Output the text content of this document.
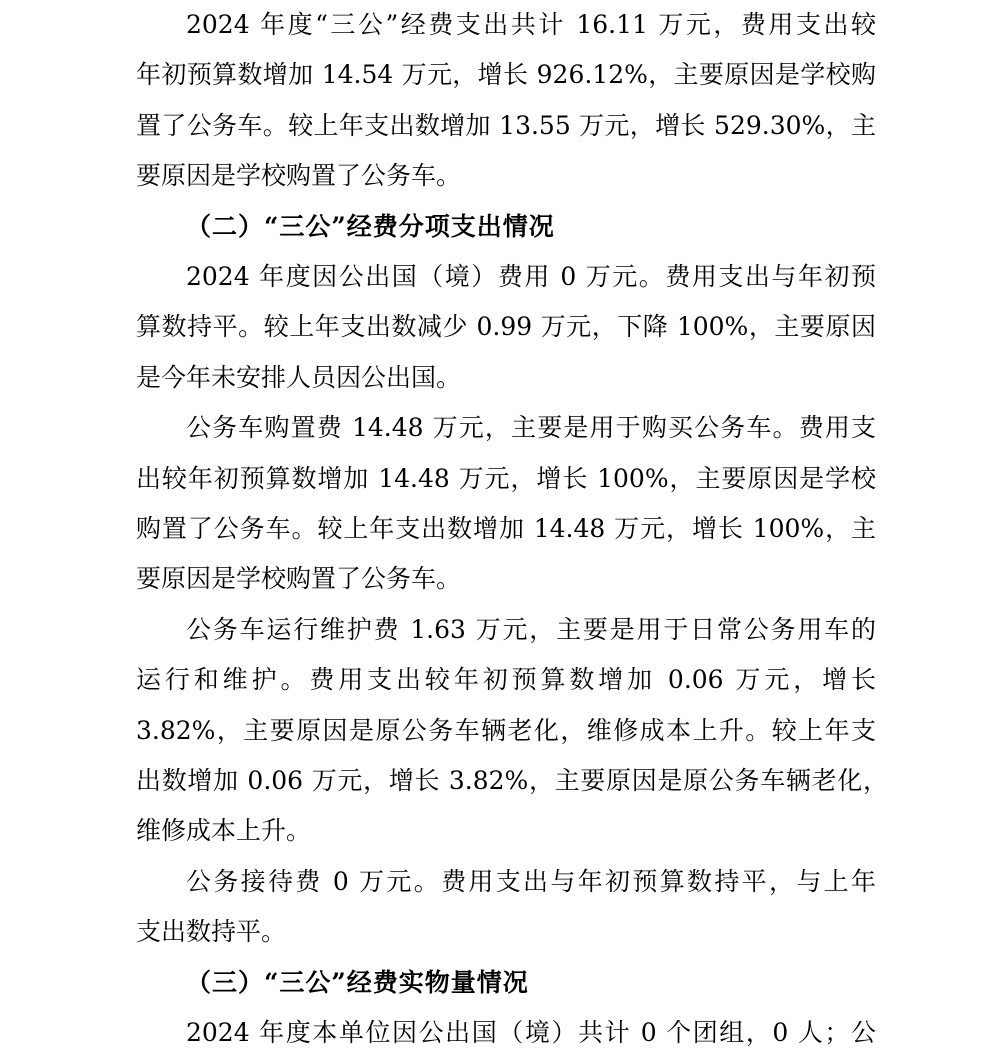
2024 年度“三公”经费支出共计 16.11 万元，费用支出较
年初预算数增加 14.54 万元，增长 926.12%，主要原因是学校购
置了公务车。较上年支出数增加 13.55 万元，增长 529.30%，主
要原因是学校购置了公务车。
（二）“三公”经费分项支出情况
2024 年度因公出国（境）费用 0 万元。费用支出与年初预
算数持平。较上年支出数减少 0.99 万元，下降 100%，主要原因
是今年未安排人员因公出国。
公务车购置费 14.48 万元，主要是用于购买公务车。费用支
出较年初预算数增加 14.48 万元，增长 100%，主要原因是学校
购置了公务车。较上年支出数增加 14.48 万元，增长 100%，主
要原因是学校购置了公务车。
公务车运行维护费 1.63 万元，主要是用于日常公务用车的
运行和维护。费用支出较年初预算数增加 0.06 万元，增长
3.82%，主要原因是原公务车辆老化，维修成本上升。较上年支
出数增加 0.06 万元，增长 3.82%，主要原因是原公务车辆老化，
维修成本上升。
公务接待费 0 万元。费用支出与年初预算数持平，与上年
支出数持平。
（三）“三公”经费实物量情况
2024 年度本单位因公出国（境）共计 0 个团组，0 人；公
